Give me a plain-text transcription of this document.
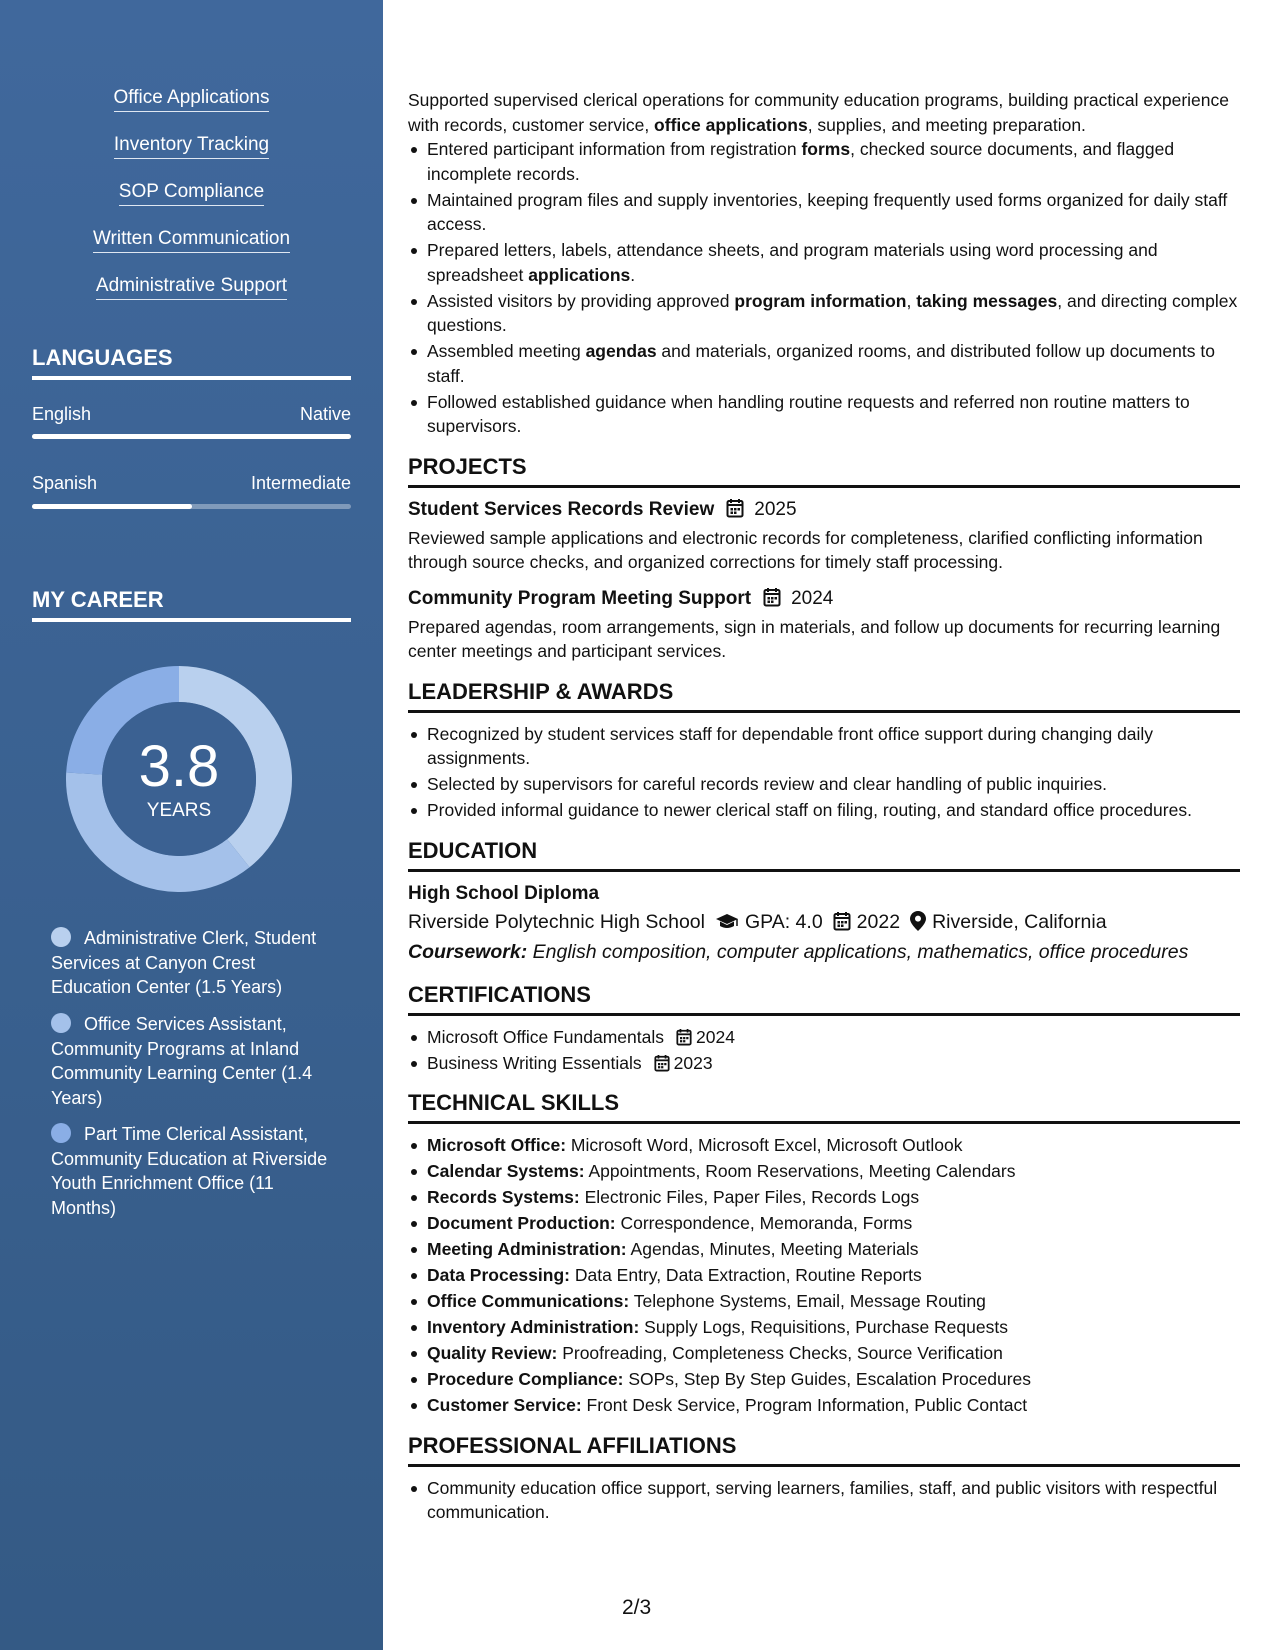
Office Applications
Inventory Tracking
SOP Compliance
Written Communication
Administrative Support
LANGUAGES
English	Native
Spanish	Intermediate
MY CAREER
3.8
YEARS
Administrative Clerk, Student Services at Canyon Crest Education Center (1.5 Years)
Office Services Assistant, Community Programs at Inland Community Learning Center (1.4 Years)
Part Time Clerical Assistant, Community Education at Riverside Youth Enrichment Office (11 Months)

Supported supervised clerical operations for community education programs, building practical experience with records, customer service, office applications, supplies, and meeting preparation.

Entered participant information from registration forms, checked source documents, and flagged incomplete records.
Maintained program files and supply inventories, keeping frequently used forms organized for daily staff access.
Prepared letters, labels, attendance sheets, and program materials using word processing and spreadsheet applications.
Assisted visitors by providing approved program information, taking messages, and directing complex questions.
Assembled meeting agendas and materials, organized rooms, and distributed follow up documents to staff.
Followed established guidance when handling routine requests and referred non routine matters to supervisors.
PROJECTS
Student Services Records Review 2025

Reviewed sample applications and electronic records for completeness, clarified conflicting information through source checks, and organized corrections for timely staff processing.

Community Program Meeting Support 2024

Prepared agendas, room arrangements, sign in materials, and follow up documents for recurring learning center meetings and participant services.

LEADERSHIP & AWARDS
Recognized by student services staff for dependable front office support during changing daily assignments.
Selected by supervisors for careful records review and clear handling of public inquiries.
Provided informal guidance to newer clerical staff on filing, routing, and standard office procedures.
EDUCATION
High School Diploma
Riverside Polytechnic High School GPA: 4.0 2022 Riverside, California
Coursework: English composition, computer applications, mathematics, office procedures
CERTIFICATIONS
Microsoft Office Fundamentals 2024
Business Writing Essentials 2023
TECHNICAL SKILLS
Microsoft Office: Microsoft Word, Microsoft Excel, Microsoft Outlook
Calendar Systems: Appointments, Room Reservations, Meeting Calendars
Records Systems: Electronic Files, Paper Files, Records Logs
Document Production: Correspondence, Memoranda, Forms
Meeting Administration: Agendas, Minutes, Meeting Materials
Data Processing: Data Entry, Data Extraction, Routine Reports
Office Communications: Telephone Systems, Email, Message Routing
Inventory Administration: Supply Logs, Requisitions, Purchase Requests
Quality Review: Proofreading, Completeness Checks, Source Verification
Procedure Compliance: SOPs, Step By Step Guides, Escalation Procedures
Customer Service: Front Desk Service, Program Information, Public Contact
PROFESSIONAL AFFILIATIONS
Community education office support, serving learners, families, staff, and public visitors with respectful communication.
2/3
